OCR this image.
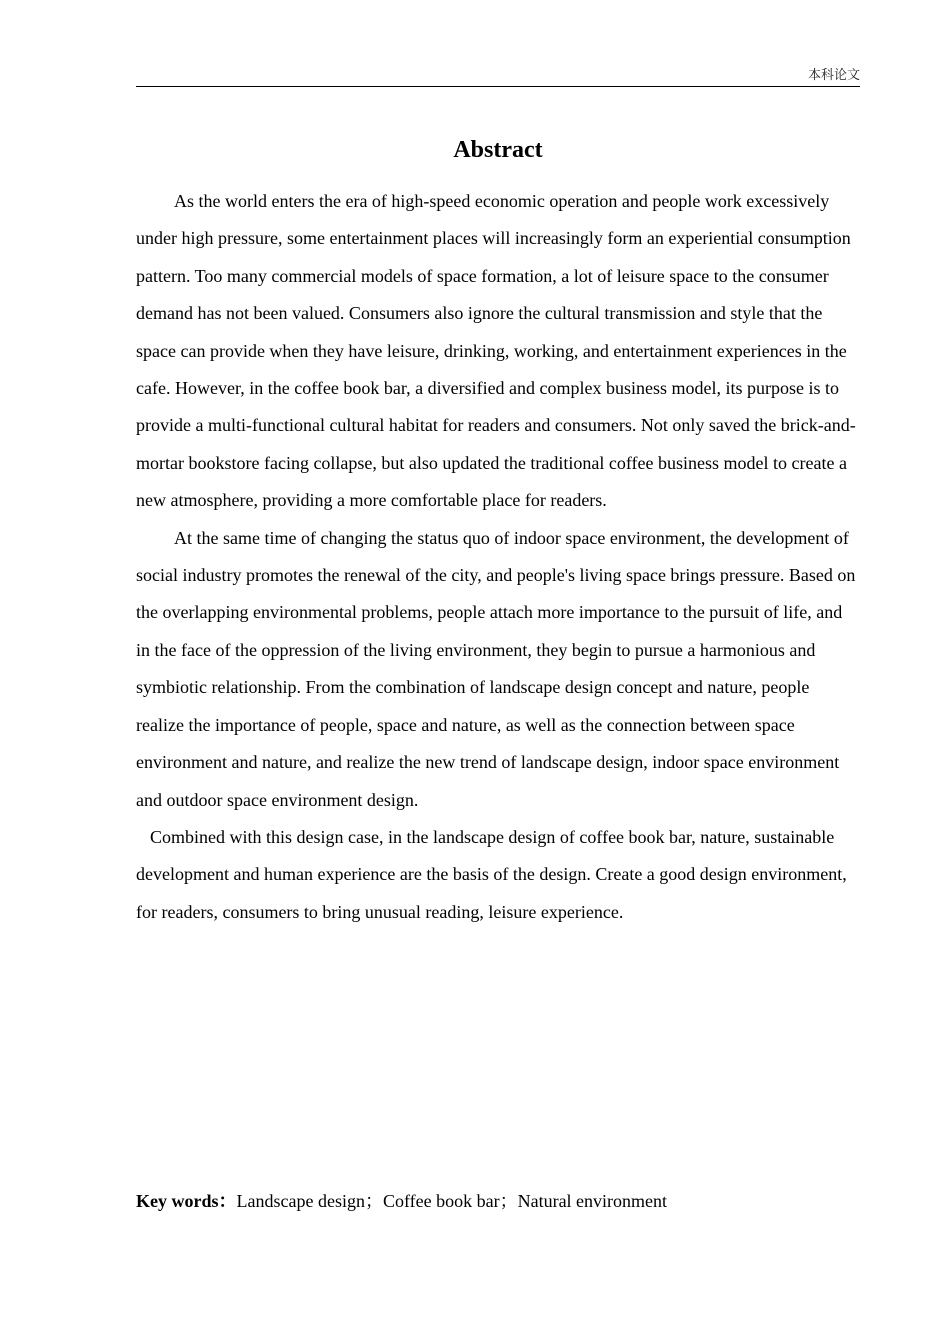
本科论文
Abstract

As the world enters the era of high-speed economic operation and people work excessively under high pressure, some entertainment places will increasingly form an experiential consumption pattern. Too many commercial models of space formation, a lot of leisure space to the consumer demand has not been valued. Consumers also ignore the cultural transmission and style that the space can provide when they have leisure, drinking, working, and entertainment experiences in the cafe. However, in the coffee book bar, a diversified and complex business model, its purpose is to provide a multi-functional cultural habitat for readers and consumers. Not only saved the brick-and-mortar bookstore facing collapse, but also updated the traditional coffee business model to create a new atmosphere, providing a more comfortable place for readers.

At the same time of changing the status quo of indoor space environment, the development of social industry promotes the renewal of the city, and people's living space brings pressure. Based on the overlapping environmental problems, people attach more importance to the pursuit of life, and in the face of the oppression of the living environment, they begin to pursue a harmonious and symbiotic relationship. From the combination of landscape design concept and nature, people realize the importance of people, space and nature, as well as the connection between space environment and nature, and realize the new trend of landscape design, indoor space environment and outdoor space environment design.

Combined with this design case, in the landscape design of coffee book bar, nature, sustainable development and human experience are the basis of the design. Create a good design environment, for readers, consumers to bring unusual reading, leisure experience.

Key words：Landscape design；Coffee book bar；Natural environment
